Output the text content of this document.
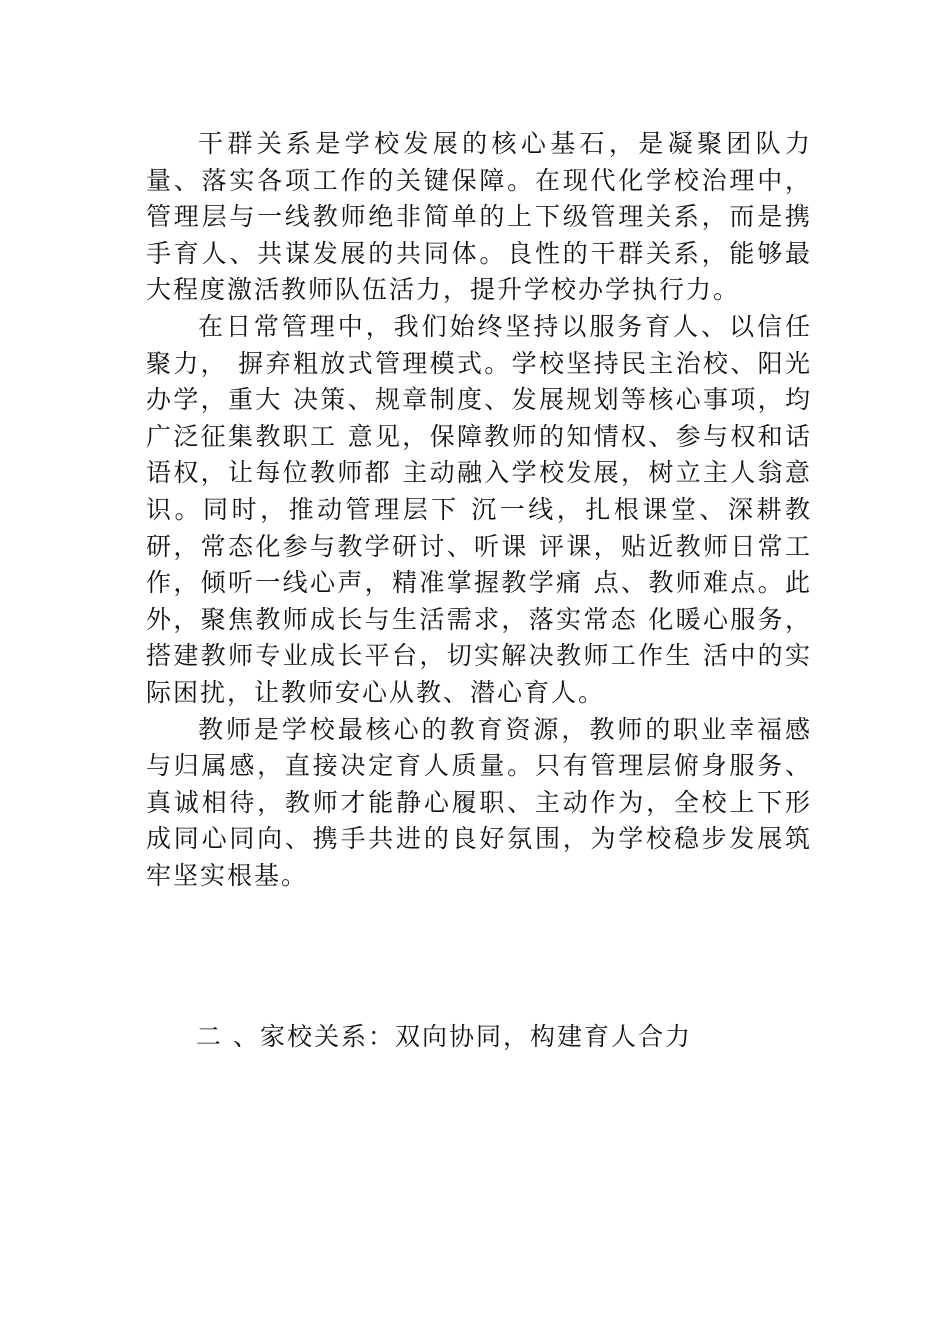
干群关系是学校发展的核心基石，是凝聚团队力量、落实各项工作的关键保障。在现代化学校治理中，管理层与一线教师绝非简单的上下级管理关系，而是携手育人、共谋发展的共同体。良性的干群关系，能够最大程度激活教师队伍活力，提升学校办学执行力。

在日常管理中，我们始终坚持以服务育人、以信任聚力， 摒弃粗放式管理模式。学校坚持民主治校、阳光办学，重大 决策、规章制度、发展规划等核心事项，均广泛征集教职工 意见，保障教师的知情权、参与权和话语权，让每位教师都 主动融入学校发展，树立主人翁意识。同时，推动管理层下 沉一线，扎根课堂、深耕教研，常态化参与教学研讨、听课 评课，贴近教师日常工作，倾听一线心声，精准掌握教学痛 点、教师难点。此外，聚焦教师成长与生活需求，落实常态 化暖心服务，搭建教师专业成长平台，切实解决教师工作生 活中的实际困扰，让教师安心从教、潜心育人。

教师是学校最核心的教育资源，教师的职业幸福感与归属感，直接决定育人质量。只有管理层俯身服务、真诚相待，教师才能静心履职、主动作为，全校上下形成同心同向、携手共进的良好氛围，为学校稳步发展筑牢坚实根基。

二 、家校关系：双向协同，构建育人合力
